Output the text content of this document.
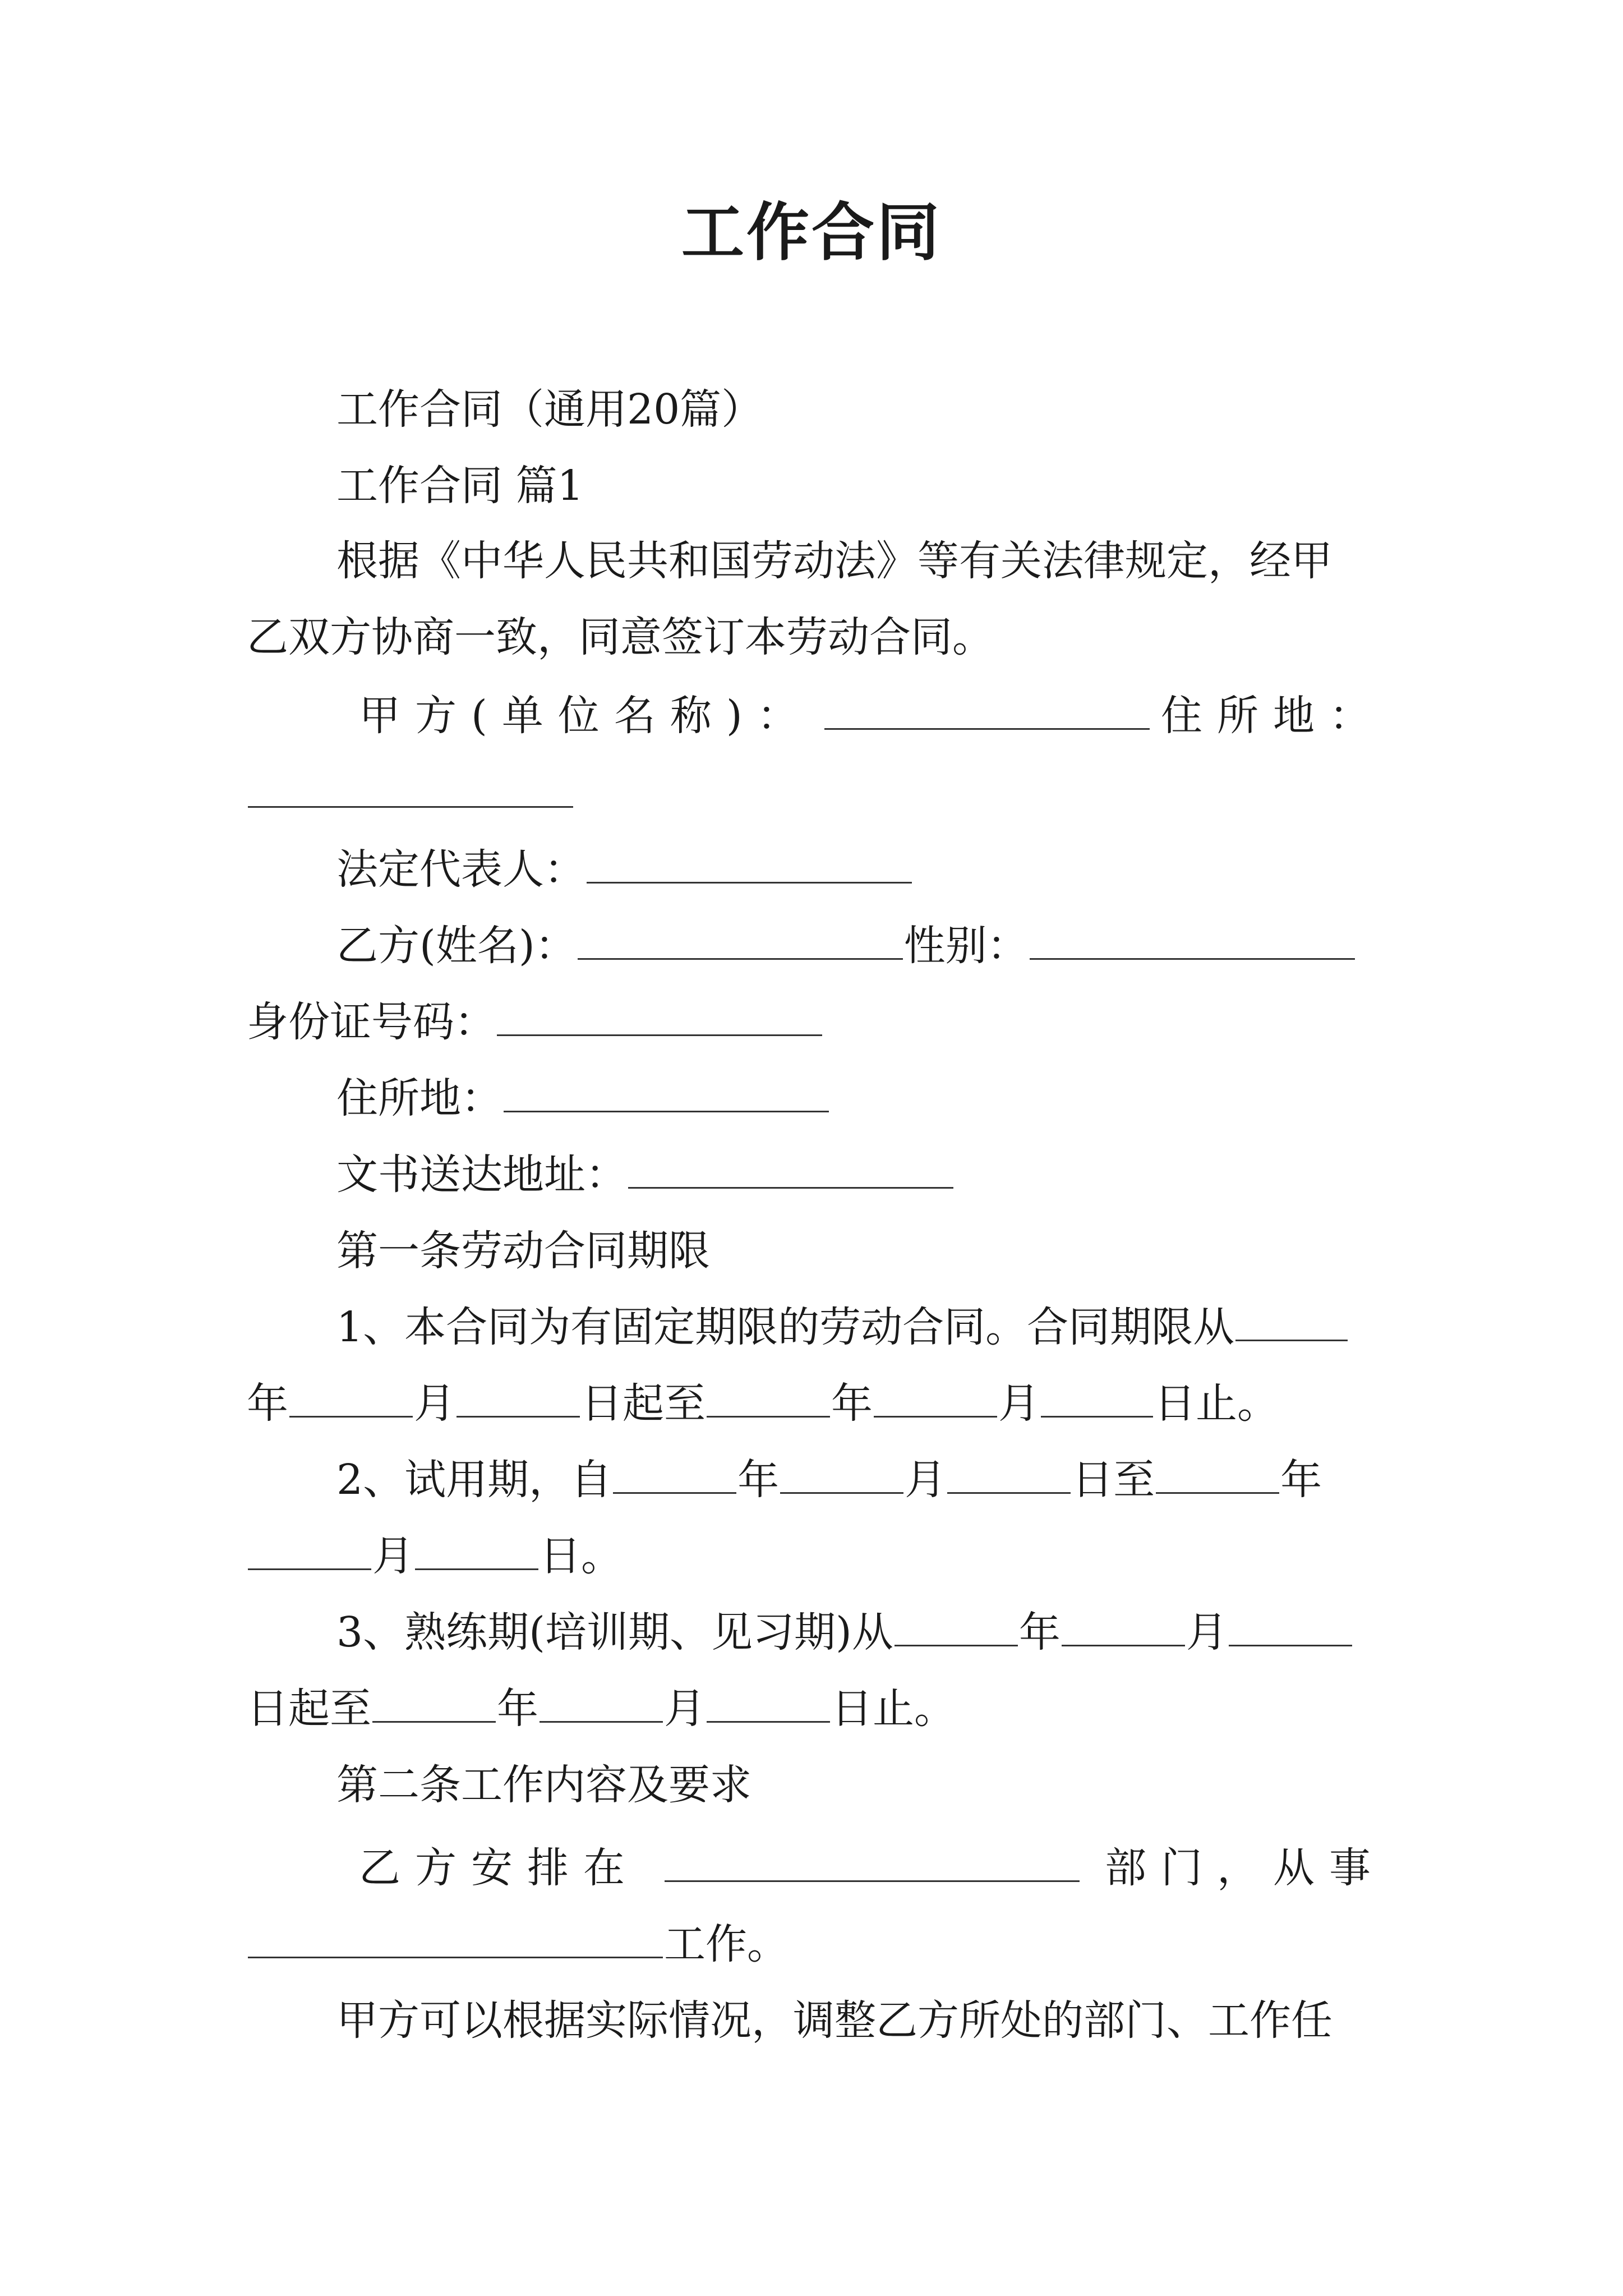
工作合同
工作合同（通用20篇）
工作合同 篇1
根据《中华人民共和国劳动法》等有关法律规定，经甲
乙双方协商一致，同意签订本劳动合同。
甲方(单位名称)：	住所地：
法定代表人：
乙方(姓名)：	性别：
身份证号码：
住所地：
文书送达地址：
第一条劳动合同期限
1、本合同为有固定期限的劳动合同。合同期限从
年	月	日起至	年	月	日止。
2、试用期，自	年	月	日至	年
月	日。
3、熟练期(培训期、见习期)从	年	月
日起至	年	月	日止。
第二条工作内容及要求
乙方安排在	部门，从事
工作。
甲方可以根据实际情况，调整乙方所处的部门、工作任
